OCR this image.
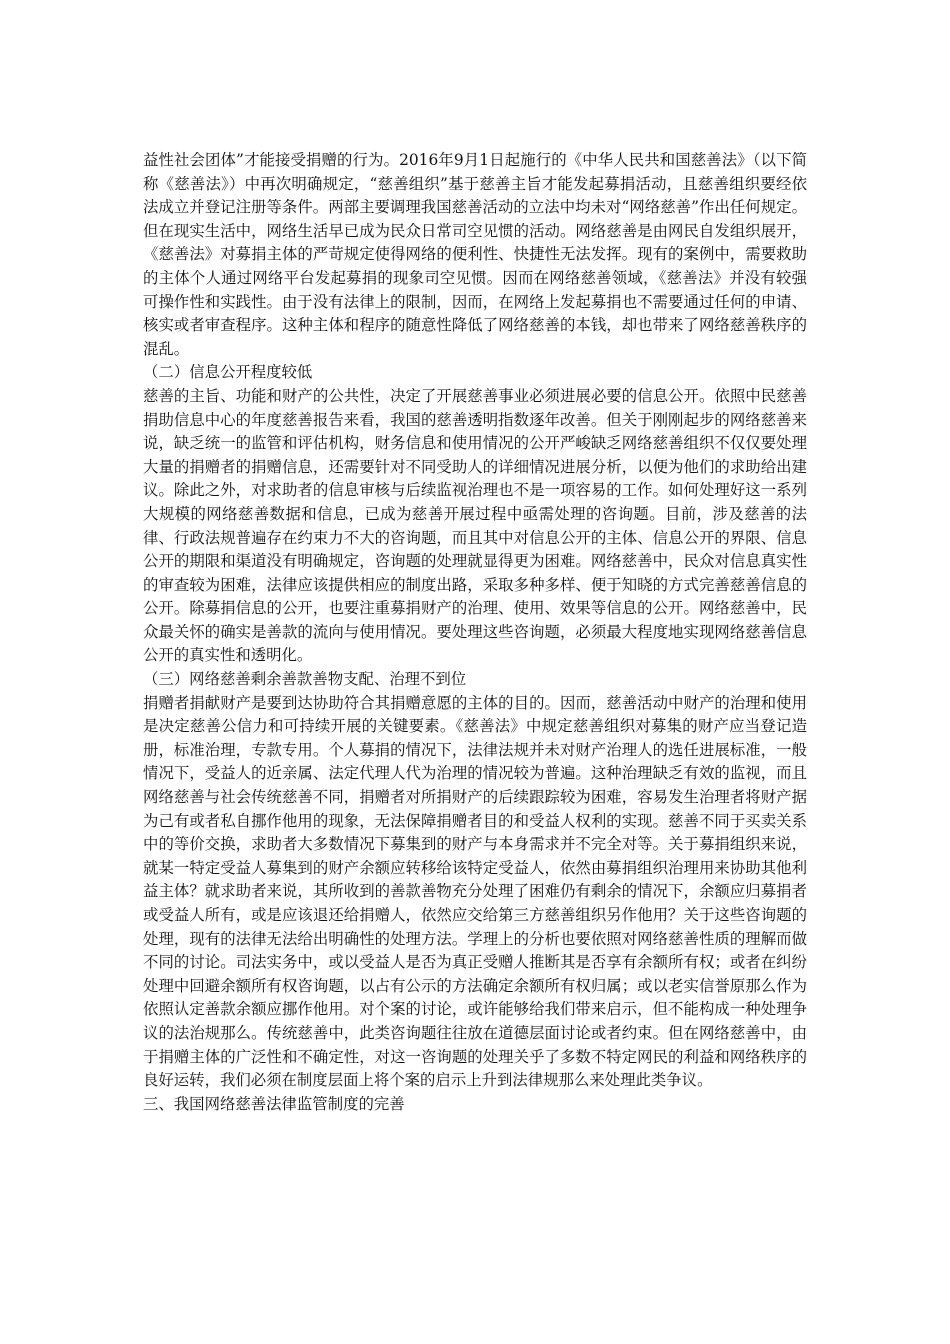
益性社会团体”才能接受捐赠的行为。2016年9月1日起施行的《中华人民共和国慈善法》（以下简称《慈善法》）中再次明确规定，“慈善组织”基于慈善主旨才能发起募捐活动，且慈善组织要经依法成立并登记注册等条件。两部主要调理我国慈善活动的立法中均未对“网络慈善”作出任何规定。但在现实生活中，网络生活早已成为民众日常司空见惯的活动。网络慈善是由网民自发组织展开，《慈善法》对募捐主体的严苛规定使得网络的便利性、快捷性无法发挥。现有的案例中，需要救助的主体个人通过网络平台发起募捐的现象司空见惯。因而在网络慈善领域，《慈善法》并没有较强可操作性和实践性。由于没有法律上的限制，因而，在网络上发起募捐也不需要通过任何的申请、核实或者审查程序。这种主体和程序的随意性降低了网络慈善的本钱，却也带来了网络慈善秩序的混乱。

（二）信息公开程度较低

慈善的主旨、功能和财产的公共性，决定了开展慈善事业必须进展必要的信息公开。依照中民慈善捐助信息中心的年度慈善报告来看，我国的慈善透明指数逐年改善。但关于刚刚起步的网络慈善来说，缺乏统一的监管和评估机构，财务信息和使用情况的公开严峻缺乏网络慈善组织不仅仅要处理大量的捐赠者的捐赠信息，还需要针对不同受助人的详细情况进展分析，以便为他们的求助给出建议。除此之外，对求助者的信息审核与后续监视治理也不是一项容易的工作。如何处理好这一系列大规模的网络慈善数据和信息，已成为慈善开展过程中亟需处理的咨询题。目前，涉及慈善的法律、行政法规普遍存在约束力不大的咨询题，而且其中对信息公开的主体、信息公开的界限、信息公开的期限和渠道没有明确规定，咨询题的处理就显得更为困难。网络慈善中，民众对信息真实性的审查较为困难，法律应该提供相应的制度出路，采取多种多样、便于知晓的方式完善慈善信息的公开。除募捐信息的公开，也要注重募捐财产的治理、使用、效果等信息的公开。网络慈善中，民众最关怀的确实是善款的流向与使用情况。要处理这些咨询题，必须最大程度地实现网络慈善信息公开的真实性和透明化。

（三）网络慈善剩余善款善物支配、治理不到位

捐赠者捐献财产是要到达协助符合其捐赠意愿的主体的目的。因而，慈善活动中财产的治理和使用是决定慈善公信力和可持续开展的关键要素。《慈善法》中规定慈善组织对募集的财产应当登记造册，标准治理，专款专用。个人募捐的情况下，法律法规并未对财产治理人的选任进展标准，一般情况下，受益人的近亲属、法定代理人代为治理的情况较为普遍。这种治理缺乏有效的监视，而且网络慈善与社会传统慈善不同，捐赠者对所捐财产的后续跟踪较为困难，容易发生治理者将财产据为己有或者私自挪作他用的现象，无法保障捐赠者目的和受益人权利的实现。慈善不同于买卖关系中的等价交换，求助者大多数情况下募集到的财产与本身需求并不完全对等。关于募捐组织来说，就某一特定受益人募集到的财产余额应转移给该特定受益人，依然由募捐组织治理用来协助其他利益主体？就求助者来说，其所收到的善款善物充分处理了困难仍有剩余的情况下，余额应归募捐者或受益人所有，或是应该退还给捐赠人，依然应交给第三方慈善组织另作他用？关于这些咨询题的处理，现有的法律无法给出明确性的处理方法。学理上的分析也要依照对网络慈善性质的理解而做不同的讨论。司法实务中，或以受益人是否为真正受赠人推断其是否享有余额所有权；或者在纠纷处理中回避余额所有权咨询题，以占有公示的方法确定余额所有权归属；或以老实信誉原那么作为依照认定善款余额应挪作他用。对个案的讨论，或许能够给我们带来启示，但不能构成一种处理争议的法治规那么。传统慈善中，此类咨询题往往放在道德层面讨论或者约束。但在网络慈善中，由于捐赠主体的广泛性和不确定性，对这一咨询题的处理关乎了多数不特定网民的利益和网络秩序的良好运转，我们必须在制度层面上将个案的启示上升到法律规那么来处理此类争议。

三、我国网络慈善法律监管制度的完善
